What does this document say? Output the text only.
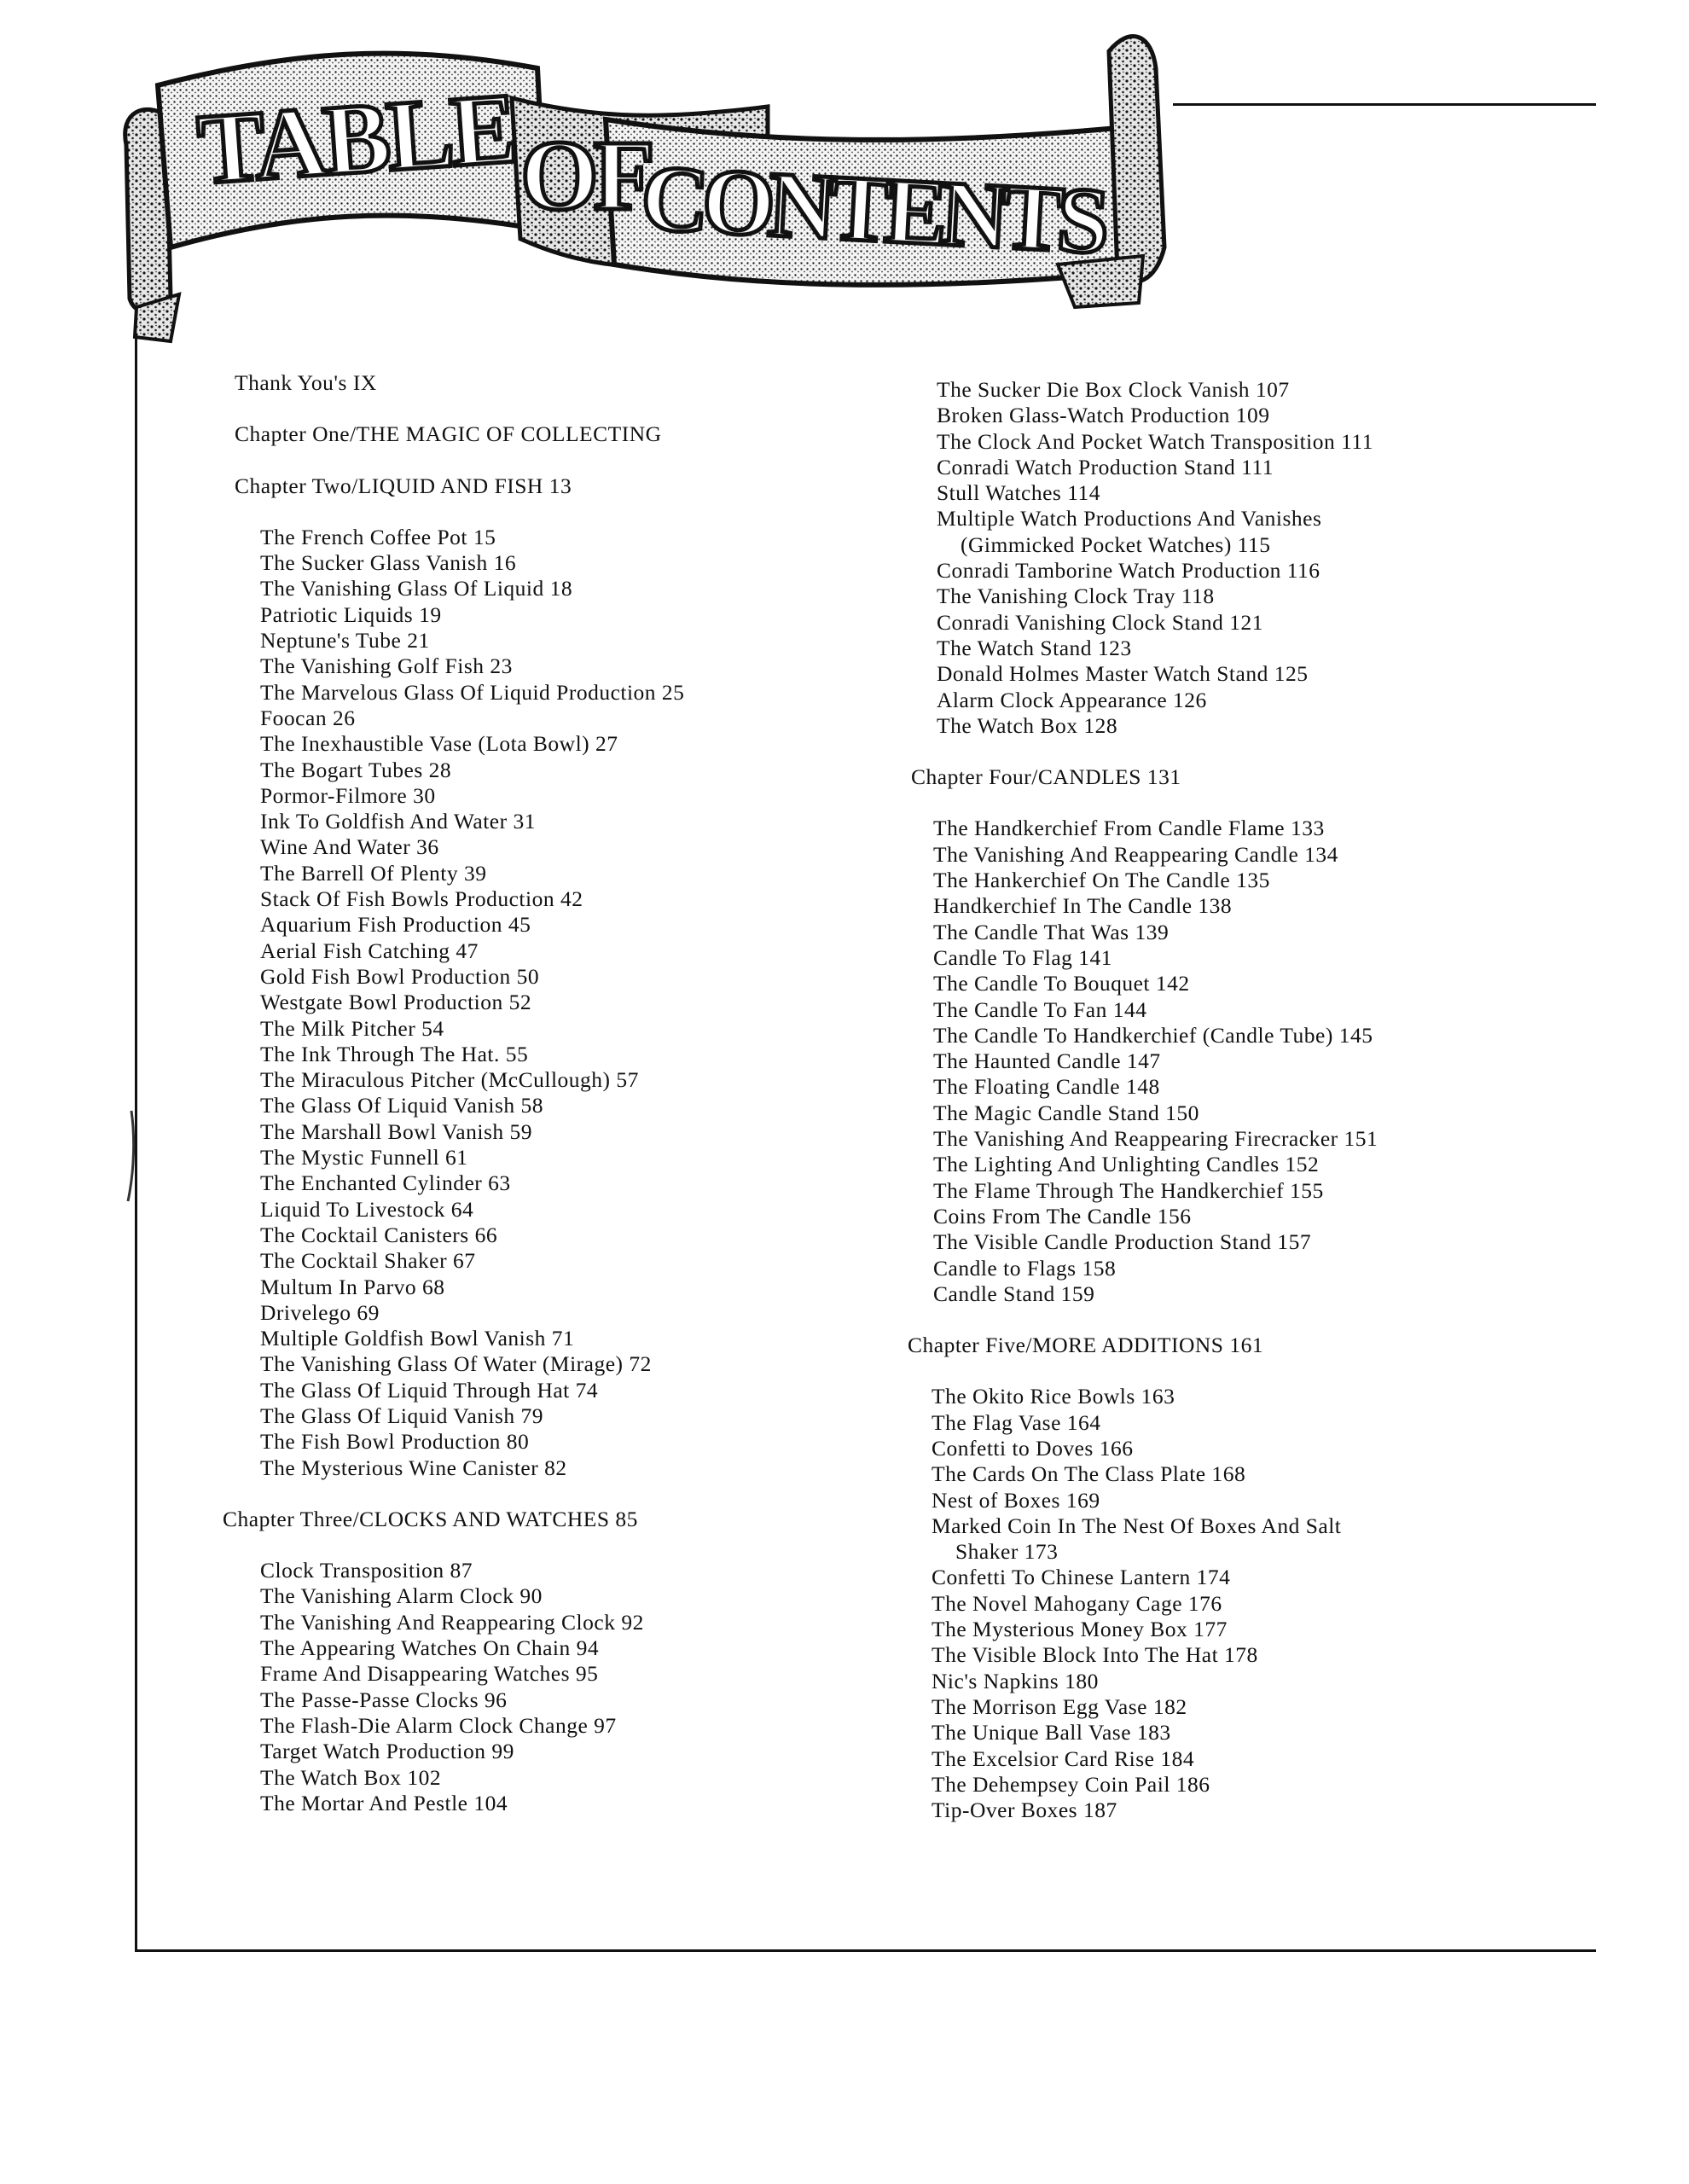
TABLE OF
CONTENTS
Thank You's IX
Chapter One/THE MAGIC OF COLLECTING
Chapter Two/LIQUID AND FISH 13
The French Coffee Pot 15
The Sucker Glass Vanish 16
The Vanishing Glass Of Liquid 18
Patriotic Liquids 19
Neptune's Tube 21
The Vanishing Golf Fish 23
The Marvelous Glass Of Liquid Production 25
Foocan 26
The Inexhaustible Vase (Lota Bowl) 27
The Bogart Tubes 28
Pormor-Filmore 30
Ink To Goldfish And Water 31
Wine And Water 36
The Barrell Of Plenty 39
Stack Of Fish Bowls Production 42
Aquarium Fish Production 45
Aerial Fish Catching 47
Gold Fish Bowl Production 50
Westgate Bowl Production 52
The Milk Pitcher 54
The Ink Through The Hat. 55
The Miraculous Pitcher (McCullough) 57
The Glass Of Liquid Vanish 58
The Marshall Bowl Vanish 59
The Mystic Funnell 61
The Enchanted Cylinder 63
Liquid To Livestock 64
The Cocktail Canisters 66
The Cocktail Shaker 67
Multum In Parvo 68
Drivelego 69
Multiple Goldfish Bowl Vanish 71
The Vanishing Glass Of Water (Mirage) 72
The Glass Of Liquid Through Hat 74
The Glass Of Liquid Vanish 79
The Fish Bowl Production 80
The Mysterious Wine Canister 82
Chapter Three/CLOCKS AND WATCHES 85
Clock Transposition 87
The Vanishing Alarm Clock 90
The Vanishing And Reappearing Clock 92
The Appearing Watches On Chain 94
Frame And Disappearing Watches 95
The Passe-Passe Clocks 96
The Flash-Die Alarm Clock Change 97
Target Watch Production 99
The Watch Box 102
The Mortar And Pestle 104
The Sucker Die Box Clock Vanish 107
Broken Glass-Watch Production 109
The Clock And Pocket Watch Transposition 111
Conradi Watch Production Stand 111
Stull Watches 114
Multiple Watch Productions And Vanishes
(Gimmicked Pocket Watches) 115
Conradi Tamborine Watch Production 116
The Vanishing Clock Tray 118
Conradi Vanishing Clock Stand 121
The Watch Stand 123
Donald Holmes Master Watch Stand 125
Alarm Clock Appearance 126
The Watch Box 128
Chapter Four/CANDLES 131
The Handkerchief From Candle Flame 133
The Vanishing And Reappearing Candle 134
The Hankerchief On The Candle 135
Handkerchief In The Candle 138
The Candle That Was 139
Candle To Flag 141
The Candle To Bouquet 142
The Candle To Fan 144
The Candle To Handkerchief (Candle Tube) 145
The Haunted Candle 147
The Floating Candle 148
The Magic Candle Stand 150
The Vanishing And Reappearing Firecracker 151
The Lighting And Unlighting Candles 152
The Flame Through The Handkerchief 155
Coins From The Candle 156
The Visible Candle Production Stand 157
Candle to Flags 158
Candle Stand 159
Chapter Five/MORE ADDITIONS 161
The Okito Rice Bowls 163
The Flag Vase 164
Confetti to Doves 166
The Cards On The Class Plate 168
Nest of Boxes 169
Marked Coin In The Nest Of Boxes And Salt
Shaker 173
Confetti To Chinese Lantern 174
The Novel Mahogany Cage 176
The Mysterious Money Box 177
The Visible Block Into The Hat 178
Nic's Napkins 180
The Morrison Egg Vase 182
The Unique Ball Vase 183
The Excelsior Card Rise 184
The Dehempsey Coin Pail 186
Tip-Over Boxes 187
